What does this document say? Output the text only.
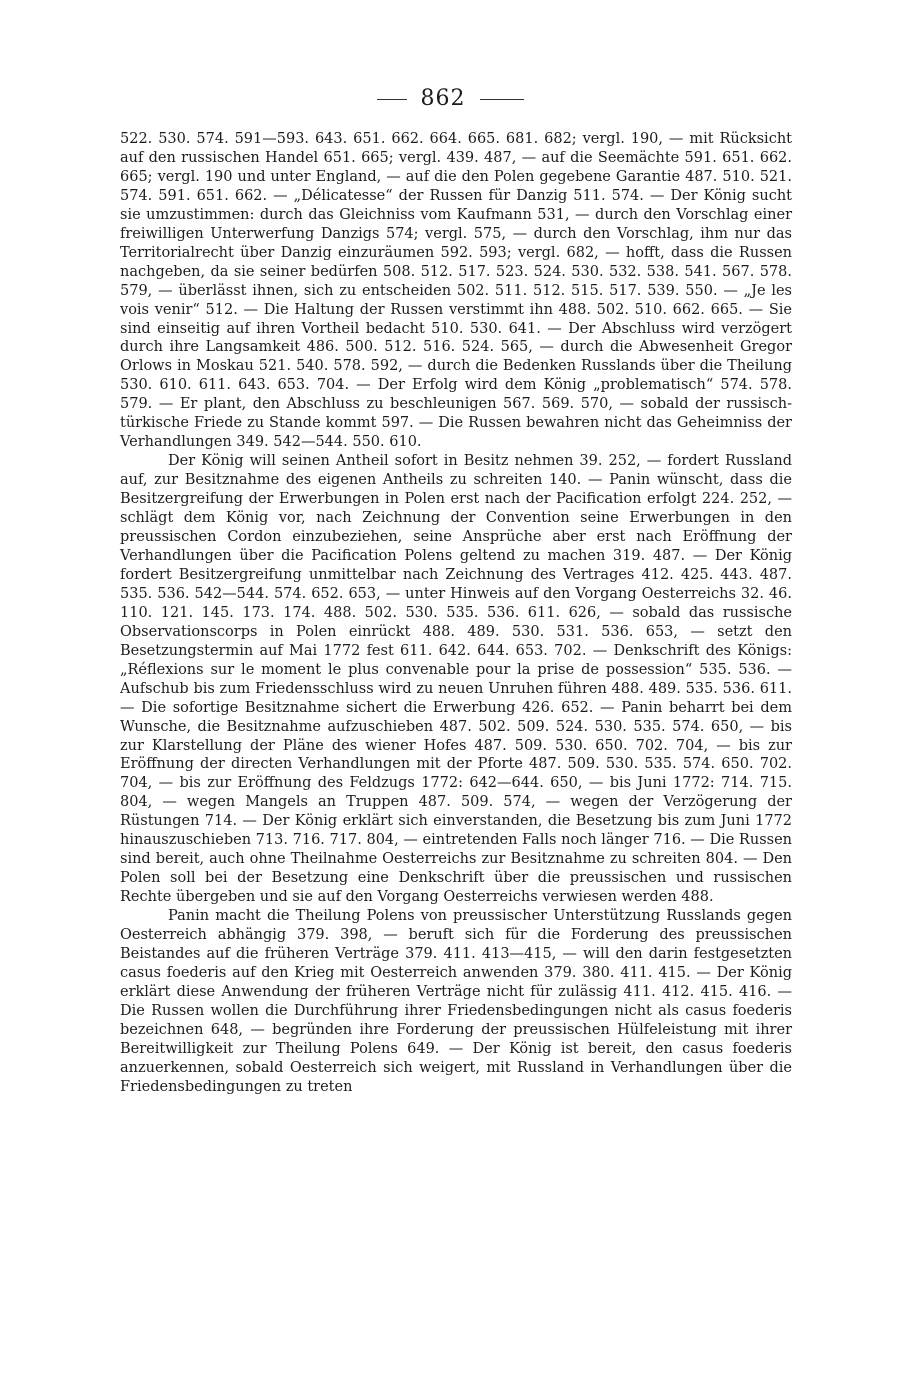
862

522. 530. 574. 591—593. 643. 651. 662. 664. 665. 681. 682; vergl. 190, — mit Rücksicht auf den russischen Handel 651. 665; vergl. 439. 487, — auf die Seemächte 591. 651. 662. 665; vergl. 190 und unter England, — auf die den Polen gegebene Garantie 487. 510. 521. 574. 591. 651. 662. — „Délicatesse“ der Russen für Danzig 511. 574. — Der König sucht sie umzustimmen: durch das Gleichniss vom Kaufmann 531, — durch den Vorschlag einer freiwilligen Unterwerfung Danzigs 574; vergl. 575, — durch den Vorschlag, ihm nur das Territorialrecht über Danzig einzuräumen 592. 593; vergl. 682, — hofft, dass die Russen nachgeben, da sie seiner bedürfen 508. 512. 517. 523. 524. 530. 532. 538. 541. 567. 578. 579, — überlässt ihnen, sich zu entscheiden 502. 511. 512. 515. 517. 539. 550. — „Je les vois venir“ 512. — Die Haltung der Russen verstimmt ihn 488. 502. 510. 662. 665. — Sie sind einseitig auf ihren Vortheil bedacht 510. 530. 641. — Der Abschluss wird verzögert durch ihre Langsamkeit 486. 500. 512. 516. 524. 565, — durch die Abwesenheit Gregor Orlows in Moskau 521. 540. 578. 592, — durch die Bedenken Russlands über die Theilung 530. 610. 611. 643. 653. 704. — Der Erfolg wird dem König „problematisch“ 574. 578. 579. — Er plant, den Abschluss zu beschleunigen 567. 569. 570, — sobald der russisch-türkische Friede zu Stande kommt 597. — Die Russen bewahren nicht das Geheimniss der Verhandlungen 349. 542—544. 550. 610.

Der König will seinen Antheil sofort in Besitz nehmen 39. 252, — fordert Russland auf, zur Besitznahme des eigenen Antheils zu schreiten 140. — Panin wünscht, dass die Besitzergreifung der Erwerbungen in Polen erst nach der Pacification erfolgt 224. 252, — schlägt dem König vor, nach Zeichnung der Convention seine Erwerbungen in den preussischen Cordon einzubeziehen, seine Ansprüche aber erst nach Eröffnung der Verhandlungen über die Pacification Polens geltend zu machen 319. 487. — Der König fordert Besitzergreifung unmittelbar nach Zeichnung des Vertrages 412. 425. 443. 487. 535. 536. 542—544. 574. 652. 653, — unter Hinweis auf den Vorgang Oesterreichs 32. 46. 110. 121. 145. 173. 174. 488. 502. 530. 535. 536. 611. 626, — sobald das russische Observationscorps in Polen einrückt 488. 489. 530. 531. 536. 653, — setzt den Besetzungstermin auf Mai 1772 fest 611. 642. 644. 653. 702. — Denkschrift des Königs: „Réflexions sur le moment le plus convenable pour la prise de possession“ 535. 536. — Aufschub bis zum Friedensschluss wird zu neuen Unruhen führen 488. 489. 535. 536. 611. — Die sofortige Besitznahme sichert die Erwerbung 426. 652. — Panin beharrt bei dem Wunsche, die Besitznahme aufzuschieben 487. 502. 509. 524. 530. 535. 574. 650, — bis zur Klarstellung der Pläne des wiener Hofes 487. 509. 530. 650. 702. 704, — bis zur Eröffnung der directen Verhandlungen mit der Pforte 487. 509. 530. 535. 574. 650. 702. 704, — bis zur Eröffnung des Feldzugs 1772: 642—644. 650, — bis Juni 1772: 714. 715. 804, — wegen Mangels an Truppen 487. 509. 574, — wegen der Verzögerung der Rüstungen 714. — Der König erklärt sich einverstanden, die Besetzung bis zum Juni 1772 hinauszuschieben 713. 716. 717. 804, — eintretenden Falls noch länger 716. — Die Russen sind bereit, auch ohne Theilnahme Oesterreichs zur Besitznahme zu schreiten 804. — Den Polen soll bei der Besetzung eine Denkschrift über die preussischen und russischen Rechte übergeben und sie auf den Vorgang Oesterreichs verwiesen werden 488.

Panin macht die Theilung Polens von preussischer Unterstützung Russlands gegen Oesterreich abhängig 379. 398, — beruft sich für die Forderung des preussischen Beistandes auf die früheren Verträge 379. 411. 413—415, — will den darin festgesetzten casus foederis auf den Krieg mit Oesterreich anwenden 379. 380. 411. 415. — Der König erklärt diese Anwendung der früheren Verträge nicht für zulässig 411. 412. 415. 416. — Die Russen wollen die Durchführung ihrer Friedensbedingungen nicht als casus foederis bezeichnen 648, — begründen ihre Forderung der preussischen Hülfeleistung mit ihrer Bereitwilligkeit zur Theilung Polens 649. — Der König ist bereit, den casus foederis anzuerkennen, sobald Oesterreich sich weigert, mit Russland in Verhandlungen über die Friedensbedingungen zu treten
